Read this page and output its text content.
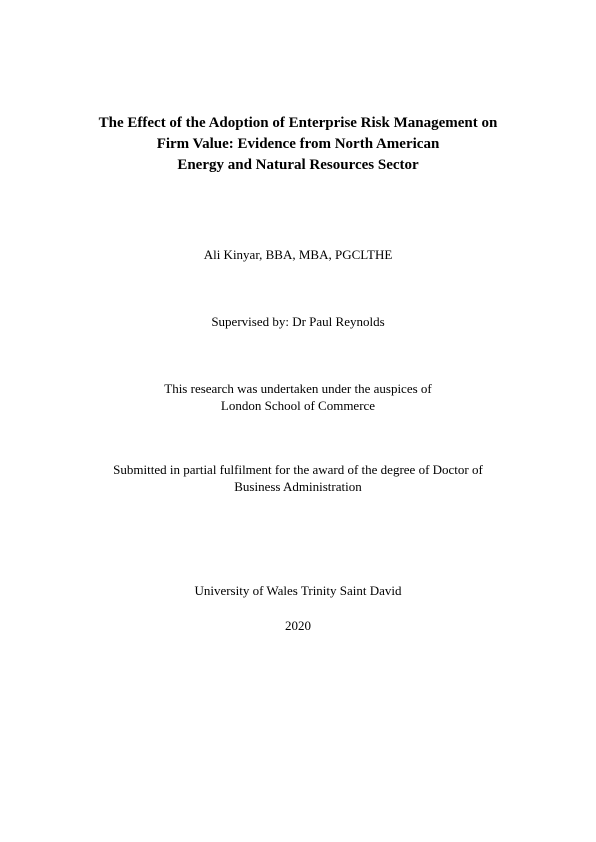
The Effect of the Adoption of Enterprise Risk Management on
Firm Value: Evidence from North American
Energy and Natural Resources Sector
Ali Kinyar, BBA, MBA, PGCLTHE
Supervised by: Dr Paul Reynolds
This research was undertaken under the auspices of
London School of Commerce
Submitted in partial fulfilment for the award of the degree of Doctor of
Business Administration
University of Wales Trinity Saint David
2020
